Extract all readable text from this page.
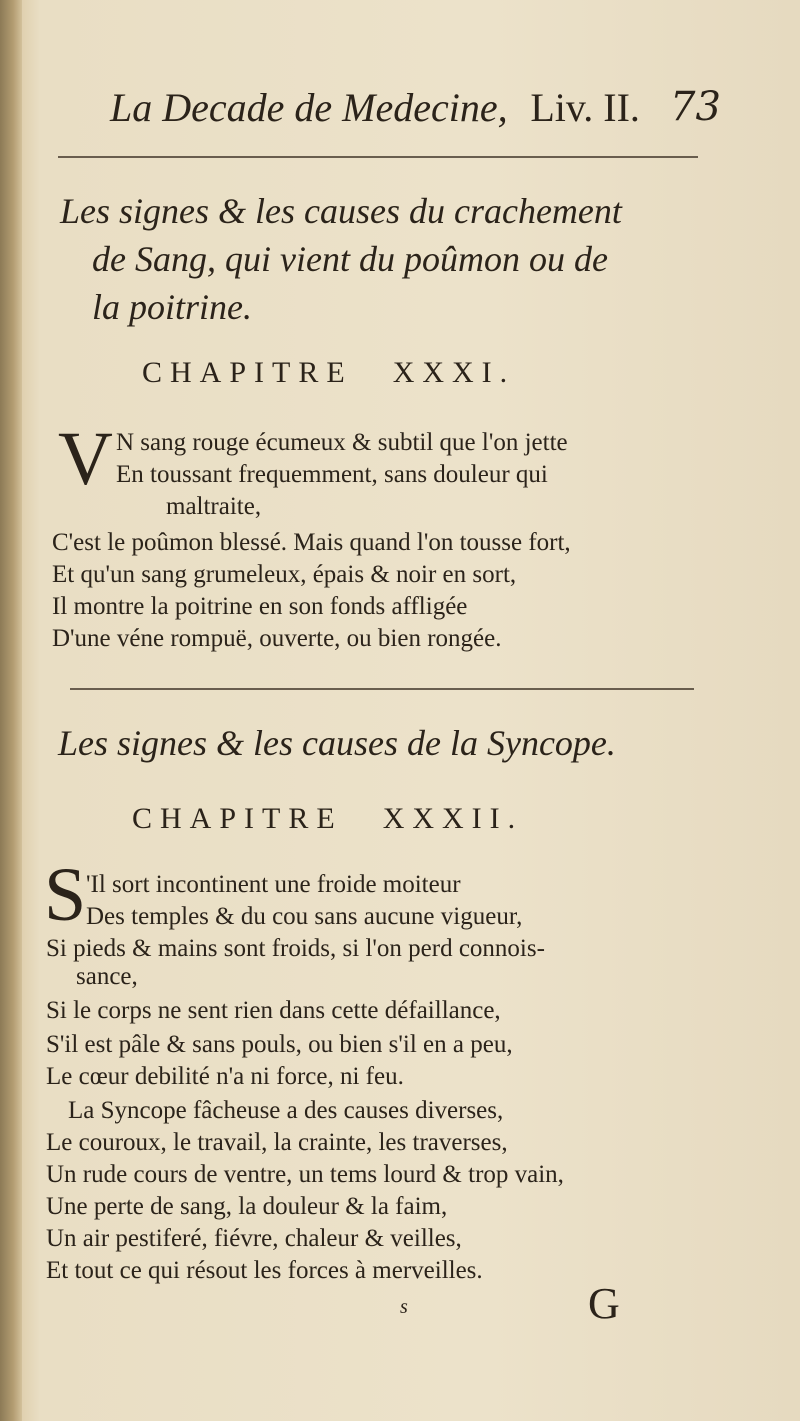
La Decade de Medecine, Liv. II. 73
Les signes & les causes du crachement
de Sang, qui vient du poûmon ou de
la poitrine.
CHAPITRE XXXI.
V N sang rouge écumeux & subtil que l'on jette
En toussant frequemment, sans douleur qui
maltraite,
C'est le poûmon blessé. Mais quand l'on tousse fort,
Et qu'un sang grumeleux, épais & noir en sort,
Il montre la poitrine en son fonds affligée
D'une véne rompuë, ouverte, ou bien rongée.
Les signes & les causes de la Syncope.
CHAPITRE XXXII.
S 'Il sort incontinent une froide moiteur
Des temples & du cou sans aucune vigueur,
Si pieds & mains sont froids, si l'on perd connois-
sance,
Si le corps ne sent rien dans cette défaillance,
S'il est pâle & sans pouls, ou bien s'il en a peu,
Le cœur debilité n'a ni force, ni feu.
La Syncope fâcheuse a des causes diverses,
Le couroux, le travail, la crainte, les traverses,
Un rude cours de ventre, un tems lourd & trop vain,
Une perte de sang, la douleur & la faim,
Un air pestiferé, fiévre, chaleur & veilles,
Et tout ce qui résout les forces à merveilles.
s	G
